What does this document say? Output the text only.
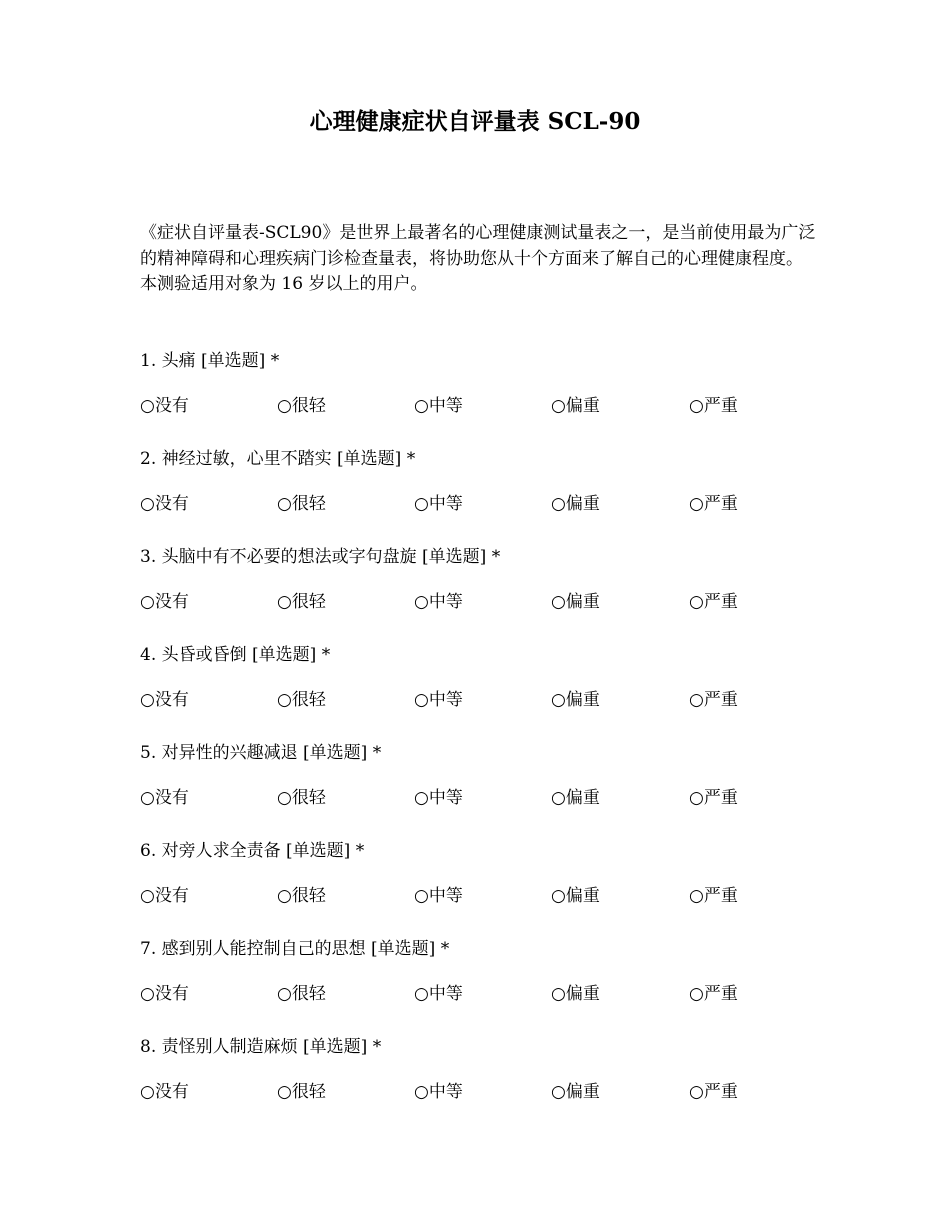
心理健康症状自评量表 SCL-90
《症状自评量表-SCL90》是世界上最著名的心理健康测试量表之一，是当前使用最为广泛的精神障碍和心理疾病门诊检查量表，将协助您从十个方面来了解自己的心理健康程度。 本测验适用对象为 16 岁以上的用户。
1. 头痛 [单选题] *
○没有	○很轻	○中等	○偏重	○严重
2. 神经过敏，心里不踏实 [单选题] *
○没有	○很轻	○中等	○偏重	○严重
3. 头脑中有不必要的想法或字句盘旋 [单选题] *
○没有	○很轻	○中等	○偏重	○严重
4. 头昏或昏倒 [单选题] *
○没有	○很轻	○中等	○偏重	○严重
5. 对异性的兴趣减退 [单选题] *
○没有	○很轻	○中等	○偏重	○严重
6. 对旁人求全责备 [单选题] *
○没有	○很轻	○中等	○偏重	○严重
7. 感到别人能控制自己的思想 [单选题] *
○没有	○很轻	○中等	○偏重	○严重
8. 责怪别人制造麻烦 [单选题] *
○没有	○很轻	○中等	○偏重	○严重
